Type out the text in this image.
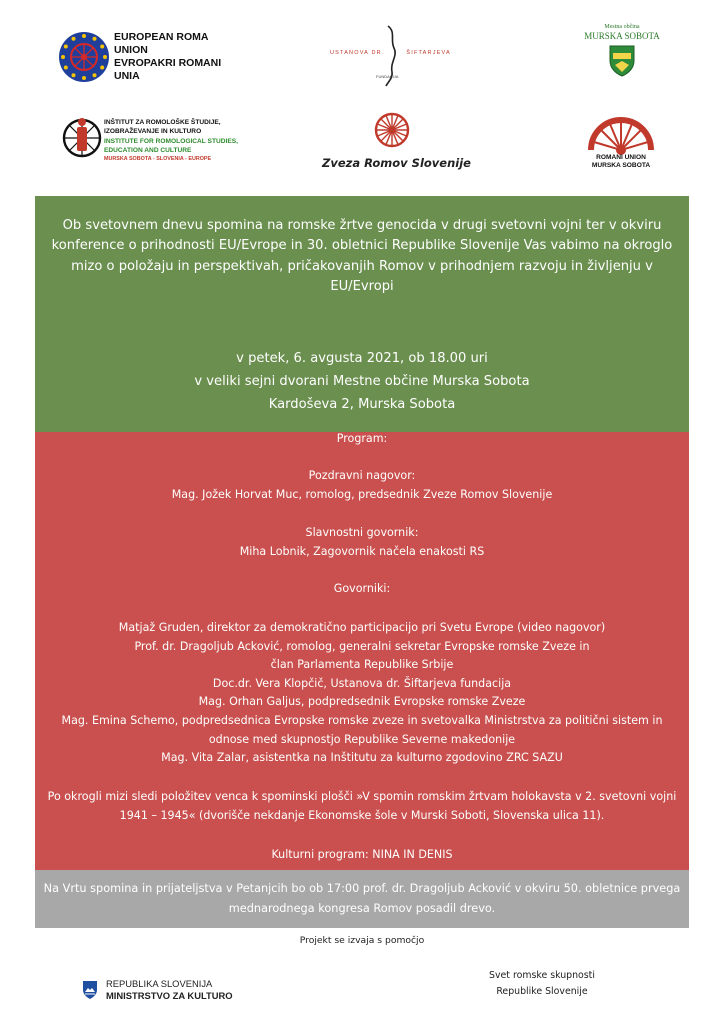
EUROPEAN ROMA UNION
EVROPAKRI ROMANI UNIA
USTANOVA DR.	ŠIFTARJEVA
FUNDACIJA
Mestna občina
MURSKA SOBOTA
INŠTITUT ZA ROMOLOŠKE ŠTUDIJE,
IZOBRAŽEVANJE IN KULTURO
INSTITUTE FOR ROMOLOGICAL STUDIES,
EDUCATION AND CULTURE
MURSKA SOBOTA - SLOVENIA - EUROPE	Zveza Romov Slovenije	ROMANI UNION
MURSKA SOBOTA
Ob svetovnem dnevu spomina na romske žrtve genocida v drugi svetovni vojni ter v okviru konference o prihodnosti EU/Evrope in 30. obletnici Republike Slovenije Vas vabimo na okroglo mizo o položaju in perspektivah, pričakovanjih Romov v prihodnjem razvoju in življenju v EU/Evropi
v petek, 6. avgusta 2021, ob 18.00 uri
v veliki sejni dvorani Mestne občine Murska Sobota
Kardoševa 2, Murska Sobota
Program:
Pozdravni nagovor:
Mag. Jožek Horvat Muc, romolog, predsednik Zveze Romov Slovenije
Slavnostni govornik:
Miha Lobnik, Zagovornik načela enakosti RS
Govorniki:
Matjaž Gruden, direktor za demokratično participacijo pri Svetu Evrope (video nagovor)
Prof. dr. Dragoljub Acković, romolog, generalni sekretar Evropske romske Zveze in član Parlamenta Republike Srbije
Doc.dr. Vera Klopčič, Ustanova dr. Šiftarjeva fundacija
Mag. Orhan Galjus, podpredsednik Evropske romske Zveze
Mag. Emina Schemo, podpredsednica Evropske romske zveze in svetovalka Ministrstva za politični sistem in odnose med skupnostjo Republike Severne makedonije
Mag. Vita Zalar, asistentka na Inštitutu za kulturno zgodovino ZRC SAZU
Po okrogli mizi sledi položitev venca k spominski plošči »V spomin romskim žrtvam holokavsta v 2. svetovni vojni 1941 – 1945« (dvorišče nekdanje Ekonomske šole v Murski Soboti, Slovenska ulica 11).
Kulturni program: NINA IN DENIS
Na Vrtu spomina in prijateljstva v Petanjcih bo ob 17:00 prof. dr. Dragoljub Acković v okviru 50. obletnice prvega mednarodnega kongresa Romov posadil drevo.
Projekt se izvaja s pomočjo
REPUBLIKA SLOVENIJA
MINISTRSTVO ZA KULTURO
Svet romske skupnosti
Republike Slovenije
